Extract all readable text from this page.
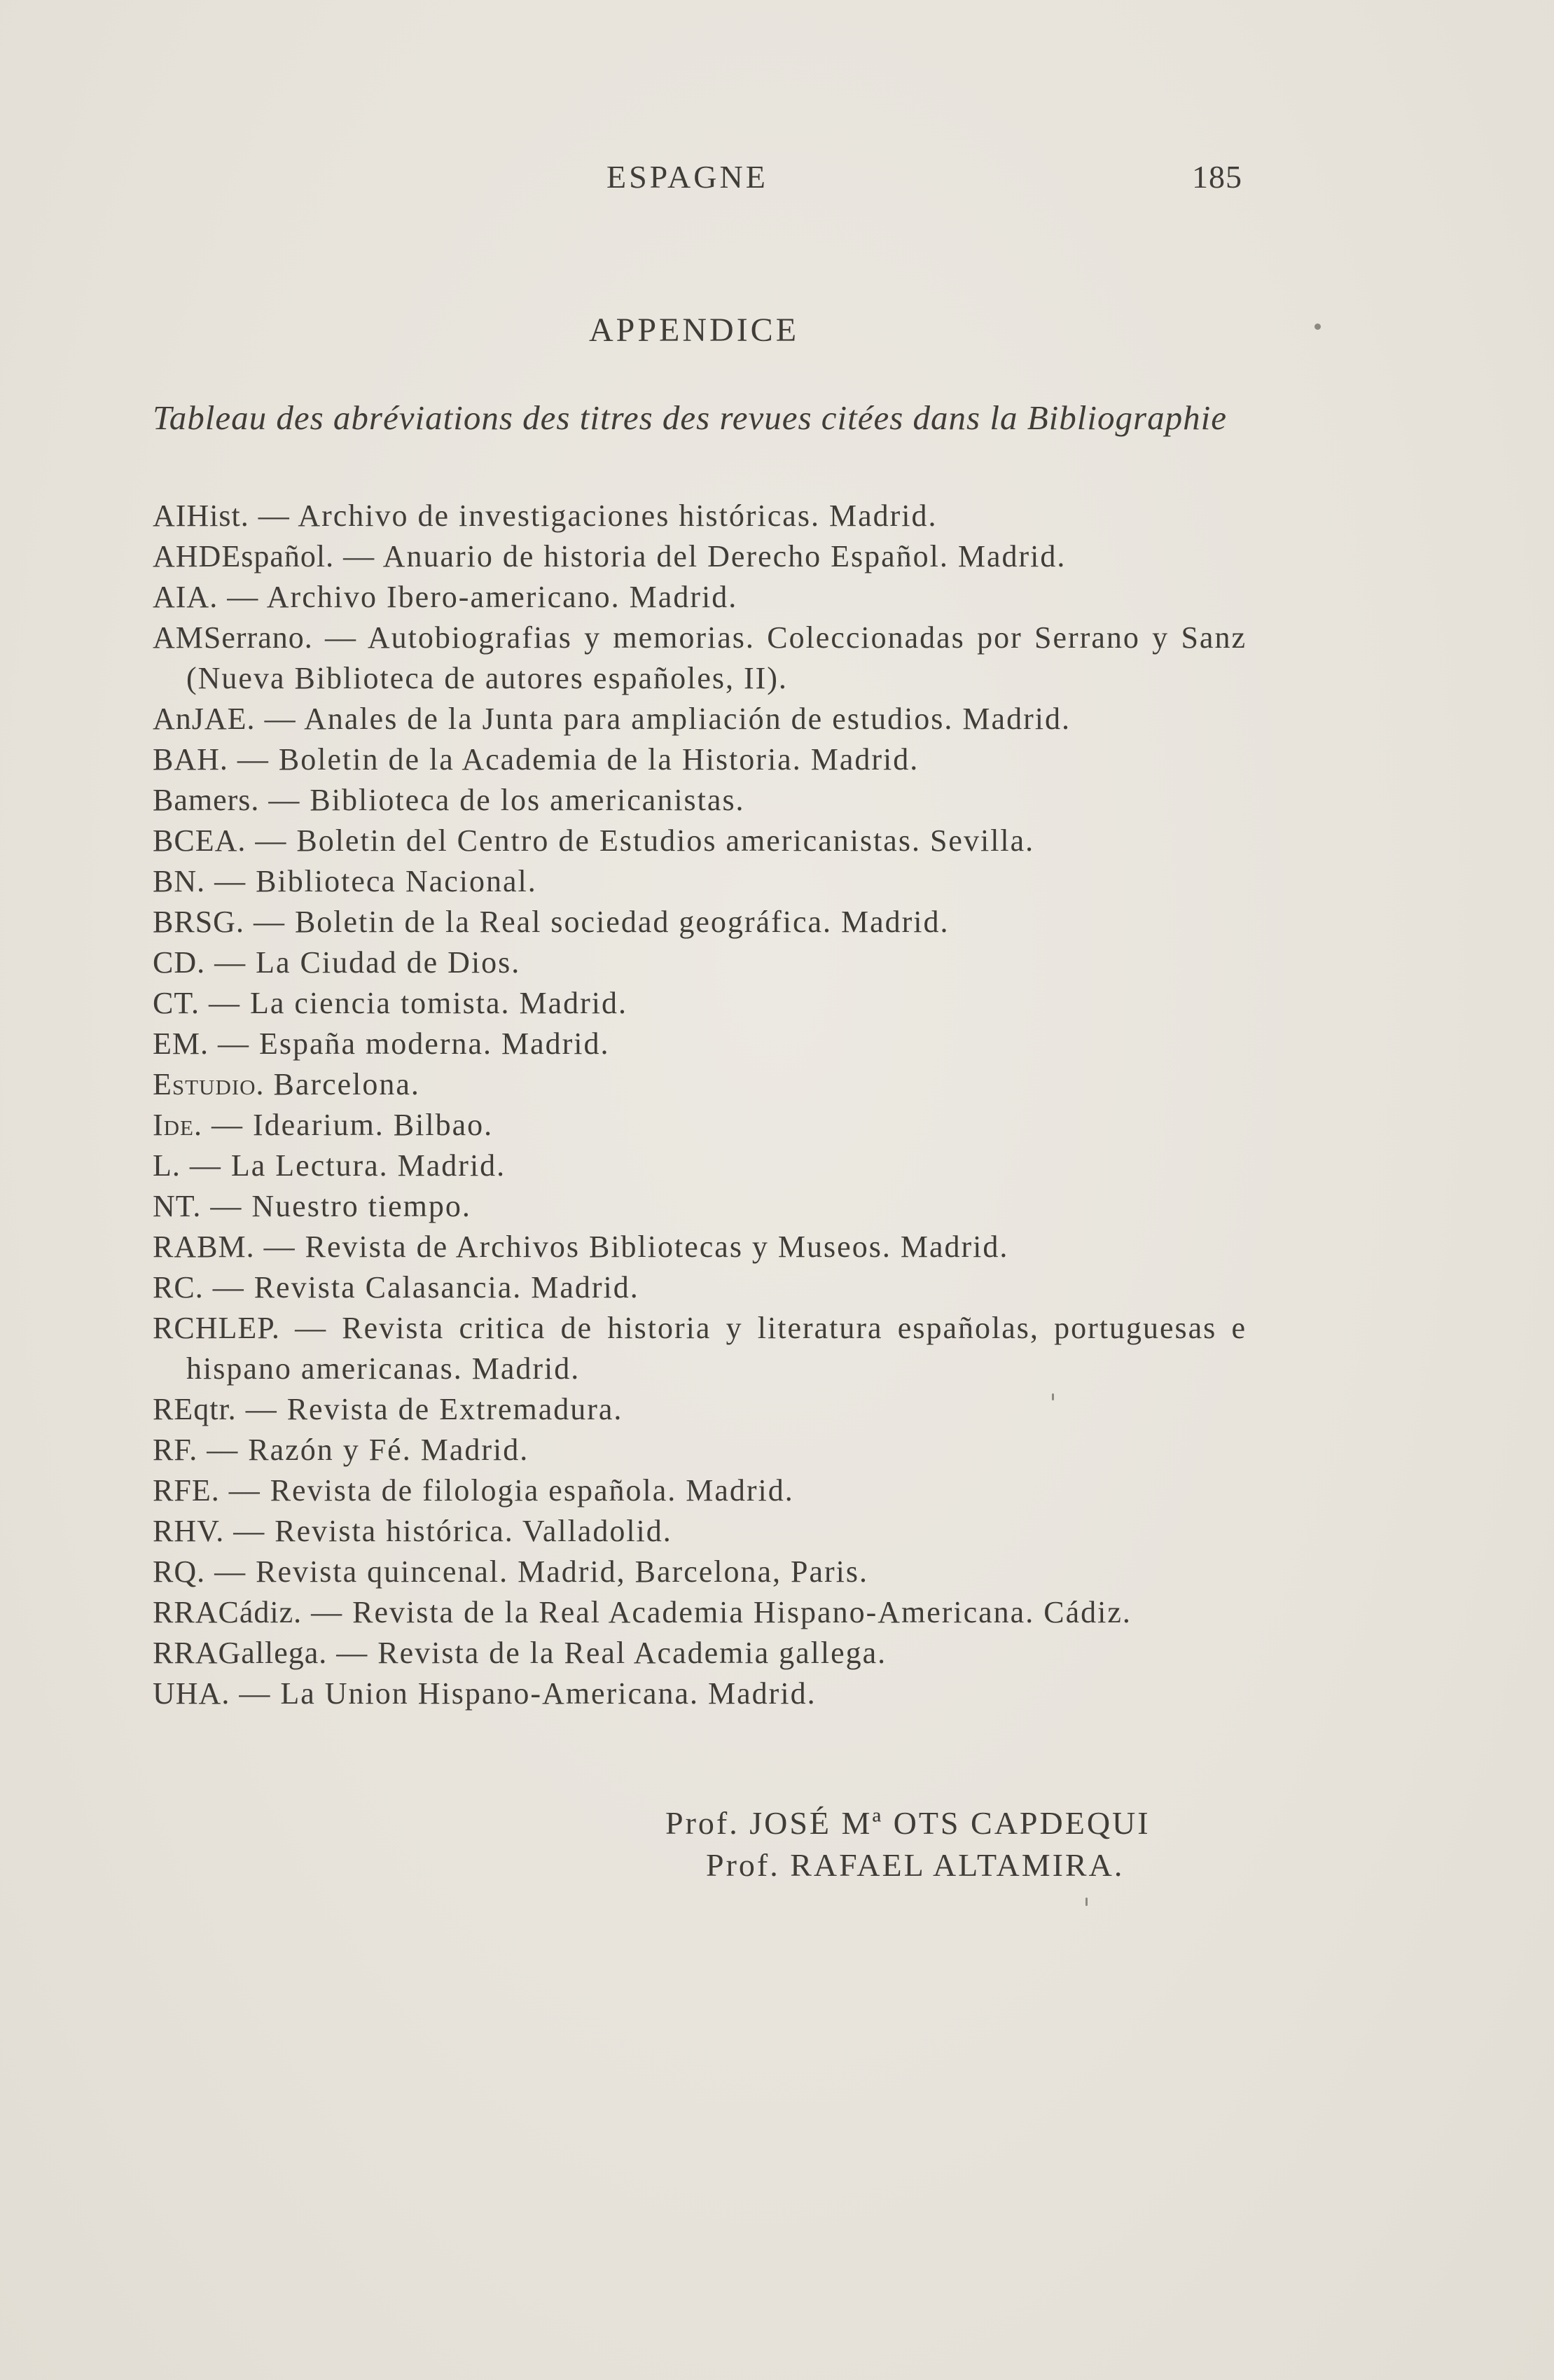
ESPAGNE	185
APPENDICE
Tableau des abréviations des titres des revues citées dans la Bibliographie
AIHist. — Archivo de investigaciones históricas. Madrid.
AHDEspañol. — Anuario de historia del Derecho Español. Madrid.
AIA. — Archivo Ibero-americano. Madrid.
AMSerrano. — Autobiografias y memorias. Coleccionadas por Serrano y Sanz (Nueva Biblioteca de autores españoles, II).
AnJAE. — Anales de la Junta para ampliación de estudios. Madrid.
BAH. — Boletin de la Academia de la Historia. Madrid.
Bamers. — Biblioteca de los americanistas.
BCEA. — Boletin del Centro de Estudios americanistas. Sevilla.
BN. — Biblioteca Nacional.
BRSG. — Boletin de la Real sociedad geográfica. Madrid.
CD. — La Ciudad de Dios.
CT. — La ciencia tomista. Madrid.
EM. — España moderna. Madrid.
Estudio. Barcelona.
Ide. — Idearium. Bilbao.
L. — La Lectura. Madrid.
NT. — Nuestro tiempo.
RABM. — Revista de Archivos Bibliotecas y Museos. Madrid.
RC. — Revista Calasancia. Madrid.
RCHLEP. — Revista critica de historia y literatura españolas, portuguesas e hispano americanas. Madrid.
REqtr. — Revista de Extremadura.
RF. — Razón y Fé. Madrid.
RFE. — Revista de filologia española. Madrid.
RHV. — Revista histórica. Valladolid.
RQ. — Revista quincenal. Madrid, Barcelona, Paris.
RRACádiz. — Revista de la Real Academia Hispano-Americana. Cádiz.
RRAGallega. — Revista de la Real Academia gallega.
UHA. — La Union Hispano-Americana. Madrid.
Prof. JOSÉ Mª OTS CAPDEQUI
Prof. RAFAEL ALTAMIRA.
